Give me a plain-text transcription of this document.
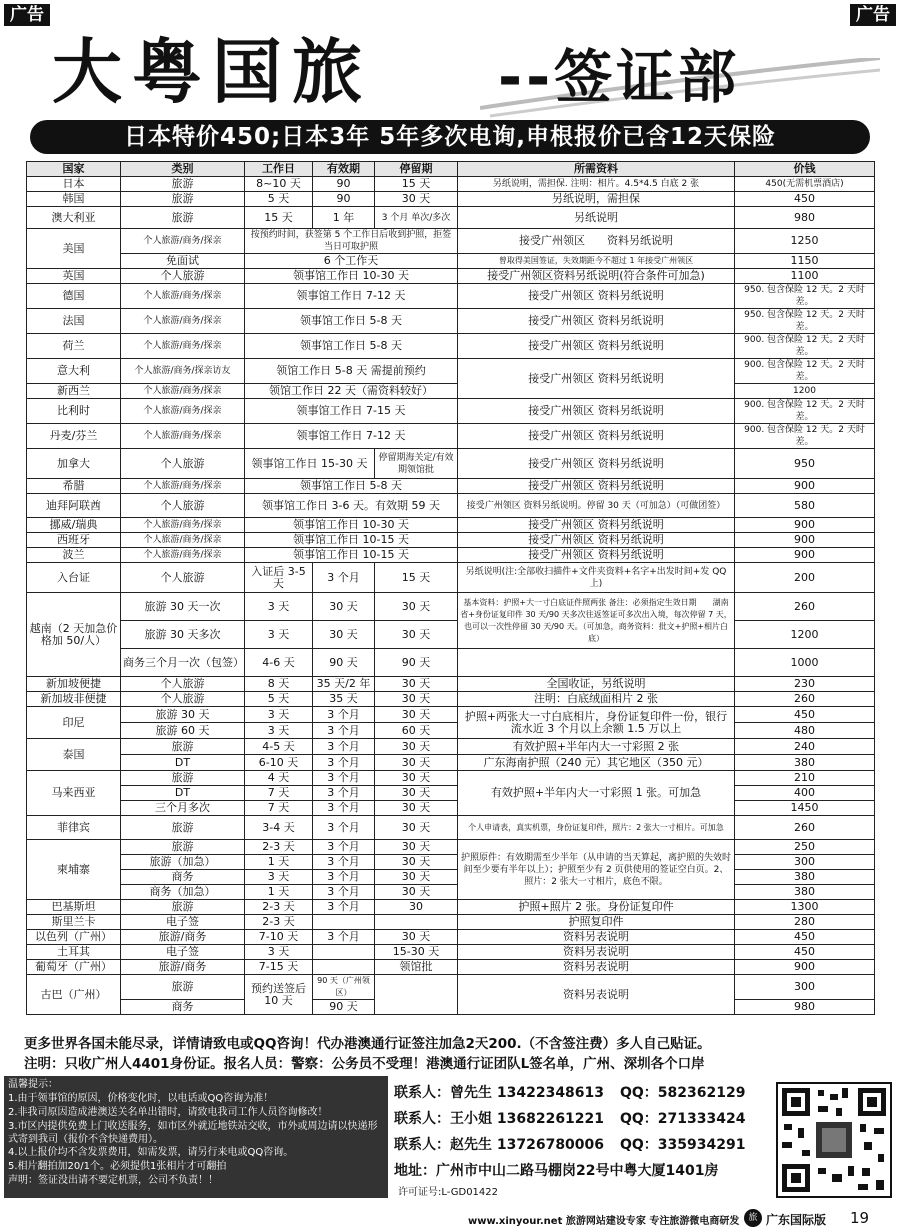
广告	广告
大粤国旅 --签证部
日本特价450;日本3年 5年多次电询,申根报价已含12天保险
国家	类别	工作日	有效期	停留期	所需资料	价钱
日本	旅游	8~10 天	90	15 天	另纸说明，需担保. 注明：相片。4.5*4.5 白底 2 张	450(无需机票酒店)
韩国	旅游	5 天	90	30 天	另纸说明，需担保	450
澳大利亚	旅游	15 天	1 年	3 个月 单次/多次	另纸说明	980
美国	个人旅游/商务/探亲	按预约时间，获签第 5 个工作日后收到护照，拒签当日可取护照			接受广州领区　　资料另纸说明	1250
	免面试	6 个工作天			曾取得美国签证，失效期距今不超过 1 年接受广州领区	1150
英国	个人旅游	领事馆工作日 10-30 天			接受广州领区资料另纸说明(符合条件可加急)	1100
德国	个人旅游/商务/探亲	领事馆工作日 7-12 天			接受广州领区 资料另纸说明	950. 包含保险 12 天。2 天时差。
法国	个人旅游/商务/探亲	领事馆工作日 5-8 天			接受广州领区 资料另纸说明	950. 包含保险 12 天。2 天时差。
荷兰	个人旅游/商务/探亲	领事馆工作日 5-8 天			接受广州领区 资料另纸说明	900. 包含保险 12 天。2 天时差。
意大利	个人旅游/商务/探亲访友	领馆工作日 5-8 天 需提前预约			接受广州领区 资料另纸说明	900. 包含保险 12 天。2 天时差。
新西兰	个人旅游/商务/探亲	领馆工作日 22 天（需资料较好）				1200
比利时	个人旅游/商务/探亲	领事馆工作日 7-15 天			接受广州领区 资料另纸说明	900. 包含保险 12 天。2 天时差。
丹麦/芬兰	个人旅游/商务/探亲	领事馆工作日 7-12 天			接受广州领区 资料另纸说明	900. 包含保险 12 天。2 天时差。
加拿大	个人旅游	领事馆工作日 15-30 天		停留期海关定/有效期领馆批	接受广州领区 资料另纸说明	950
希腊	个人旅游/商务/探亲	领事馆工作日 5-8 天			接受广州领区 资料另纸说明	900
迪拜阿联酋	个人旅游	领事馆工作日 3-6 天。有效期 59 天			接受广州领区 资料另纸说明。停留 30 天（可加急）（可做团签）	580
挪威/瑞典	个人旅游/商务/探亲	领事馆工作日 10-30 天			接受广州领区 资料另纸说明	900
西班牙	个人旅游/商务/探亲	领事馆工作日 10-15 天			接受广州领区 资料另纸说明	900
波兰	个人旅游/商务/探亲	领事馆工作日 10-15 天			接受广州领区 资料另纸说明	900
入台证	个人旅游	入证后 3-5 天	3 个月	15 天	另纸说明(注:全部收扫描件+文件夹资料+名字+出发时间+发 QQ 上)	200
越南（2 天加急价格加 50/人）	旅游 30 天一次	3 天	30 天	30 天	基本资料：护照+大一寸白底证件照两张 备注：必须指定生效日期　　湖南省+身份证复印件 30 天/90 天多次往返签证可多次出入境，每次停留 7 天，也可以一次性停留 30 天/90 天。（可加急，商务资料：批文+护照+相片白底）	260
	旅游 30 天多次	3 天	30 天	30 天		1200
	商务三个月一次（包签）	4-6 天	90 天	90 天		1000
新加坡便捷	个人旅游	8 天	35 天/2 年	30 天	全国收证，另纸说明	230
新加坡非便捷	个人旅游	5 天	35 天	30 天	注明：白底绒面相片 2 张	260
印尼	旅游 30 天	3 天	3 个月	30 天	护照+两张大一寸白底相片，身份证复印件一份，银行流水近 3 个月以上余额 1.5 万以上	450
	旅游 60 天	3 天	3 个月	60 天		480
泰国	旅游	4-5 天	3 个月	30 天	有效护照+半年内大一寸彩照 2 张	240
	DT	6-10 天	3 个月	30 天	广东海南护照（240 元）其它地区（350 元）	380
马来西亚	旅游	4 天	3 个月	30 天	有效护照+半年内大一寸彩照 1 张。可加急	210
	DT	7 天	3 个月	30 天		400
	三个月多次	7 天	3 个月	30 天		1450
菲律宾	旅游	3-4 天	3 个月	30 天	个人申请表，真实机票，身份证复印件，照片：2 张大一寸相片。可加急	260
柬埔寨	旅游	2-3 天	3 个月	30 天	护照原件：有效期需至少半年（从申请的当天算起，离护照的失效时间至少要有半年以上）；护照至少有 2 页供使用的签证空白页。2、照片：2 张大一寸相片，底色不限。	250
	旅游（加急）	1 天	3 个月	30 天		300
	商务	3 天	3 个月	30 天		380
	商务（加急）	1 天	3 个月	30 天		380
巴基斯坦	旅游	2-3 天	3 个月	30	护照+照片 2 张。身份证复印件	1300
斯里兰卡	电子签	2-3 天			护照复印件	280
以色列（广州）	旅游/商务	7-10 天	3 个月	30 天	资料另表说明	450
土耳其	电子签	3 天		15-30 天	资料另表说明	450
葡萄牙（广州）	旅游/商务	7-15 天		领馆批	资料另表说明	900
古巴（广州）	旅游	预约送签后 10 天	90 天（广州领区）		资料另表说明	300
	商务		90 天			980
更多世界各国未能尽录，详情请致电或QQ咨询！代办港澳通行证签注加急2天200.（不含签注费）多人自己贴证。
注明：只收广州人4401身份证。报名人员：警察：公务员不受理！港澳通行证团队L签名单，广州、深圳各个口岸
温馨提示：
1.由于领事馆的原因，价格变化时，以电话或QQ咨询为准！
2.非我司原因造成港澳送关名单出错时，请致电我司工作人员咨询修改！
3.市区内提供免费上门收送服务，如市区外就近地铁站交收，市外或周边请以快递形式寄到我司（报价不含快递费用）。
4.以上报价均不含发票费用，如需发票，请另行来电或QQ咨询。
5.相片翻拍加20/1个。必须提供1张相片才可翻拍
声明：签证没出请不要定机票，公司不负责！！
联系人：曾先生 13422348613 QQ：582362129
联系人：王小姐 13682261221 QQ：271333424
联系人：赵先生 13726780006 QQ：335934291
地址：广州市中山二路马棚岗22号中粤大厦1401房
许可证号:L-GD01422
www.xinyour.net 旅游网站建设专家 专注旅游微电商研发	旅 广东国际版 19
